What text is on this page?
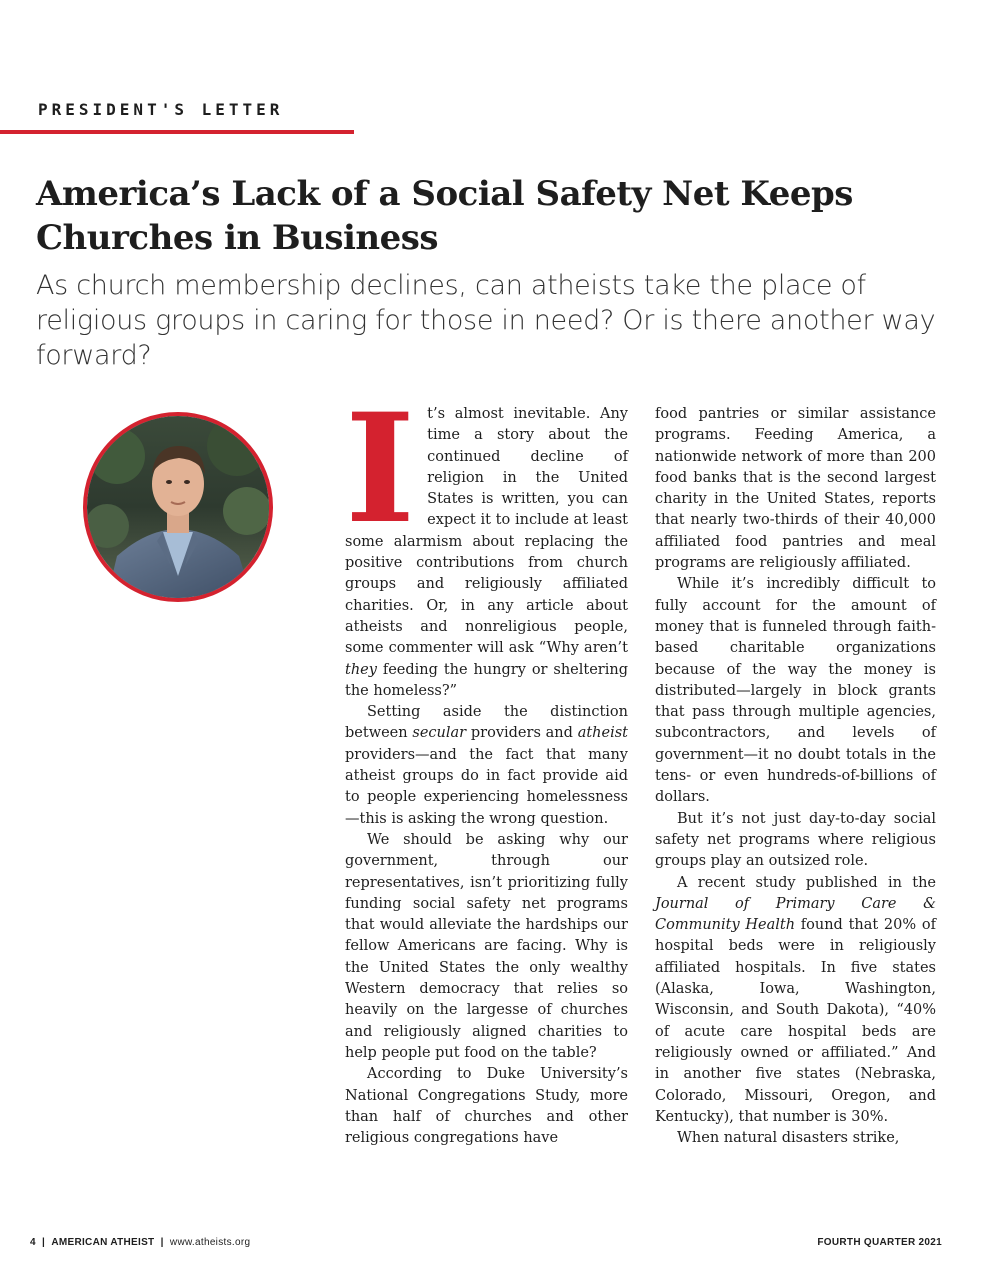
PRESIDENT'S LETTER
America’s Lack of a Social Safety Net Keeps Churches in Business

As church membership declines, can atheists take the place of religious groups in caring for those in need? Or is there another way forward?

It’s almost inevitable. Any time a story about the continued decline of religion in the United States is written, you can expect it to include at least some alarmism about replacing the positive contributions from church groups and religiously affiliated charities. Or, in any article about atheists and nonreligious people, some commenter will ask “Why aren’t they feeding the hungry or sheltering the homeless?”

Setting aside the distinction between secular providers and atheist providers—and the fact that many atheist groups do in fact provide aid to people experiencing homelessness—this is asking the wrong question.

We should be asking why our government, through our representatives, isn’t prioritizing fully funding social safety net programs that would alleviate the hardships our fellow Americans are facing. Why is the United States the only wealthy Western democracy that relies so heavily on the largesse of churches and religiously aligned charities to help people put food on the table?

According to Duke University’s National Congregations Study, more than half of churches and other religious congregations have

food pantries or similar assistance programs. Feeding America, a nationwide network of more than 200 food banks that is the second largest charity in the United States, reports that nearly two-thirds of their 40,000 affiliated food pantries and meal programs are religiously affiliated.

While it’s incredibly difficult to fully account for the amount of money that is funneled through faith-based charitable organizations because of the way the money is distributed—largely in block grants that pass through multiple agencies, subcontractors, and levels of government—it no doubt totals in the tens- or even hundreds-of-billions of dollars.

But it’s not just day-to-day social safety net programs where religious groups play an outsized role.

A recent study published in the Journal of Primary Care & Community Health found that 20% of hospital beds were in religiously affiliated hospitals. In five states (Alaska, Iowa, Washington, Wisconsin, and South Dakota), “40% of acute care hospital beds are religiously owned or affiliated.” And in another five states (Nebraska, Colorado, Missouri, Oregon, and Kentucky), that number is 30%.

When natural disasters strike,

4 | AMERICAN ATHEIST | www.atheists.org	FOURTH QUARTER 2021
